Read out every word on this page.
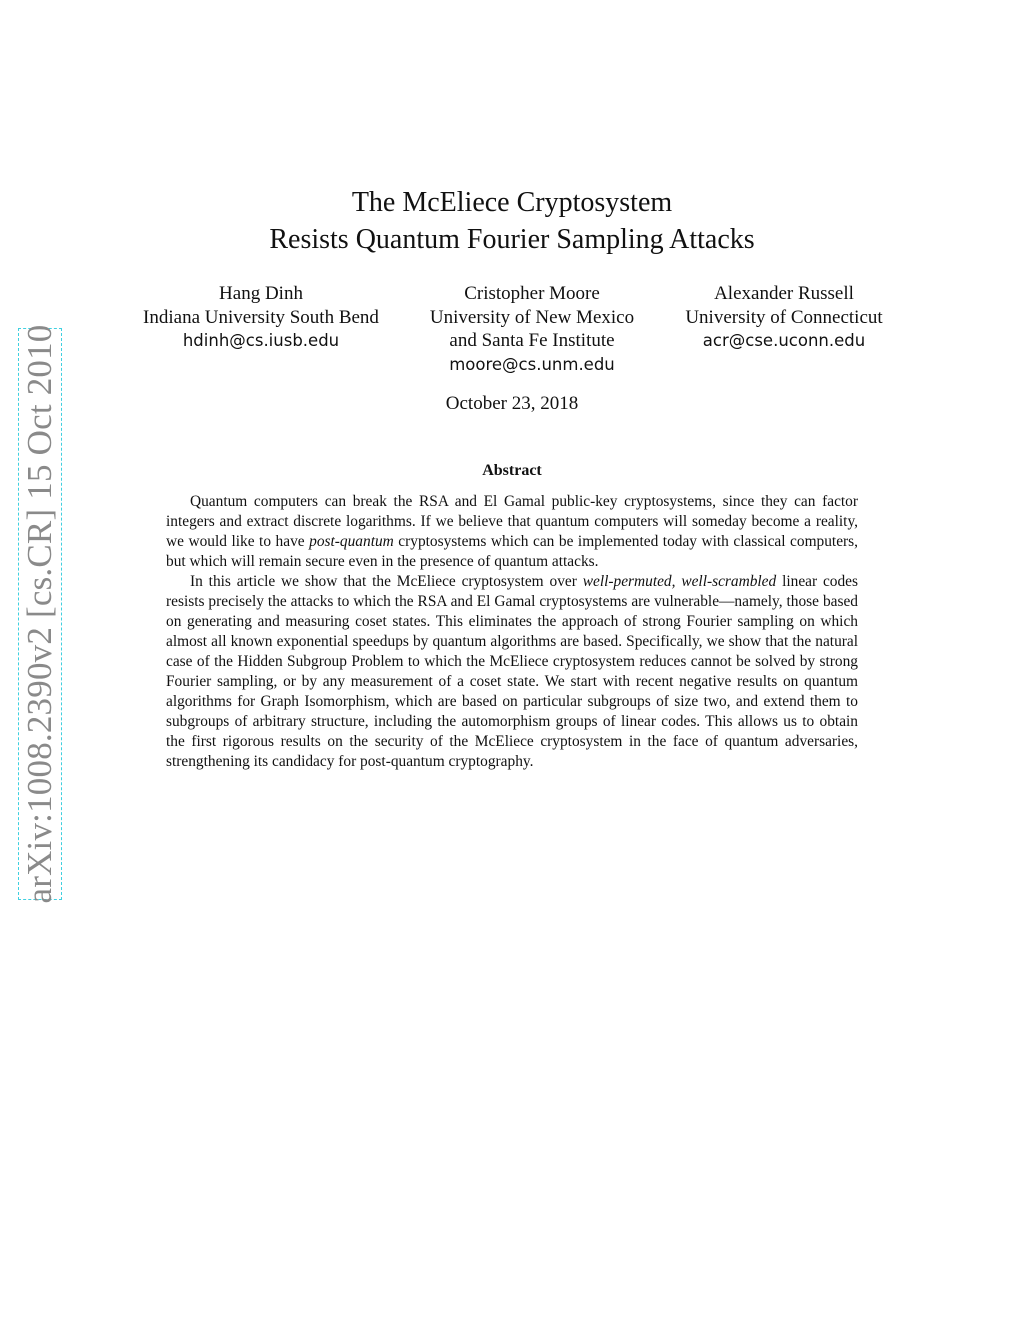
arXiv:1008.2390v2 [cs.CR] 15 Oct 2010
The McEliece Cryptosystem
Resists Quantum Fourier Sampling Attacks
Hang Dinh
Indiana University South Bend
hdinh@cs.iusb.edu
Cristopher Moore
University of New Mexico
and Santa Fe Institute
moore@cs.unm.edu
Alexander Russell
University of Connecticut
acr@cse.uconn.edu
October 23, 2018
Abstract

Quantum computers can break the RSA and El Gamal public-key cryptosystems, since they can factor integers and extract discrete logarithms. If we believe that quantum computers will someday become a reality, we would like to have post-quantum cryptosystems which can be implemented today with classical computers, but which will remain secure even in the presence of quantum attacks.

In this article we show that the McEliece cryptosystem over well-permuted, well-scrambled linear codes resists precisely the attacks to which the RSA and El Gamal cryptosystems are vulnerable—namely, those based on generating and measuring coset states. This eliminates the approach of strong Fourier sampling on which almost all known exponential speedups by quantum algorithms are based. Specifically, we show that the natural case of the Hidden Subgroup Problem to which the McEliece cryptosystem reduces cannot be solved by strong Fourier sampling, or by any measurement of a coset state. We start with recent negative results on quantum algorithms for Graph Isomorphism, which are based on particular subgroups of size two, and extend them to subgroups of arbitrary structure, including the automorphism groups of linear codes. This allows us to obtain the first rigorous results on the security of the McEliece cryptosystem in the face of quantum adversaries, strengthening its candidacy for post-quantum cryptography.
